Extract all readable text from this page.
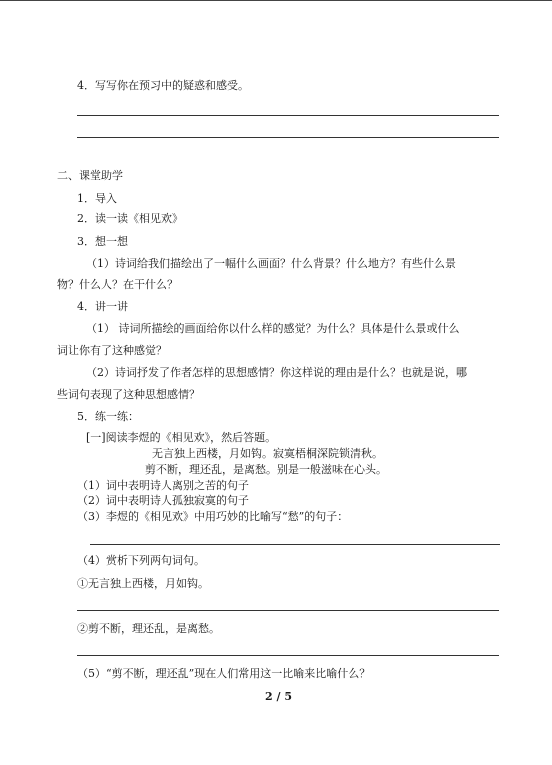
4．写写你在预习中的疑惑和感受。
二、课堂助学
1．导入
2．读一读《相见欢》
3．想一想
（1）诗词给我们描绘出了一幅什么画面？什么背景？什么地方？有些什么景
物？什么人？在干什么？
4．讲一讲
（1） 诗词所描绘的画面给你以什么样的感觉？为什么？具体是什么景或什么
词让你有了这种感觉？
（2）诗词抒发了作者怎样的思想感情？你这样说的理由是什么？也就是说，哪
些词句表现了这种思想感情？
5．练一练：
[一]阅读李煜的《相见欢》，然后答题。
无言独上西楼，月如钩。寂寞梧桐深院锁清秋。
剪不断，理还乱，是离愁。别是一般滋味在心头。
（1）词中表明诗人离别之苦的句子
（2）词中表明诗人孤独寂寞的句子
（3）李煜的《相见欢》中用巧妙的比喻写“愁”的句子：
（4）赏析下列两句词句。
①无言独上西楼，月如钩。
②剪不断，理还乱，是离愁。
（5）“剪不断，理还乱”现在人们常用这一比喻来比喻什么？
2 / 5
